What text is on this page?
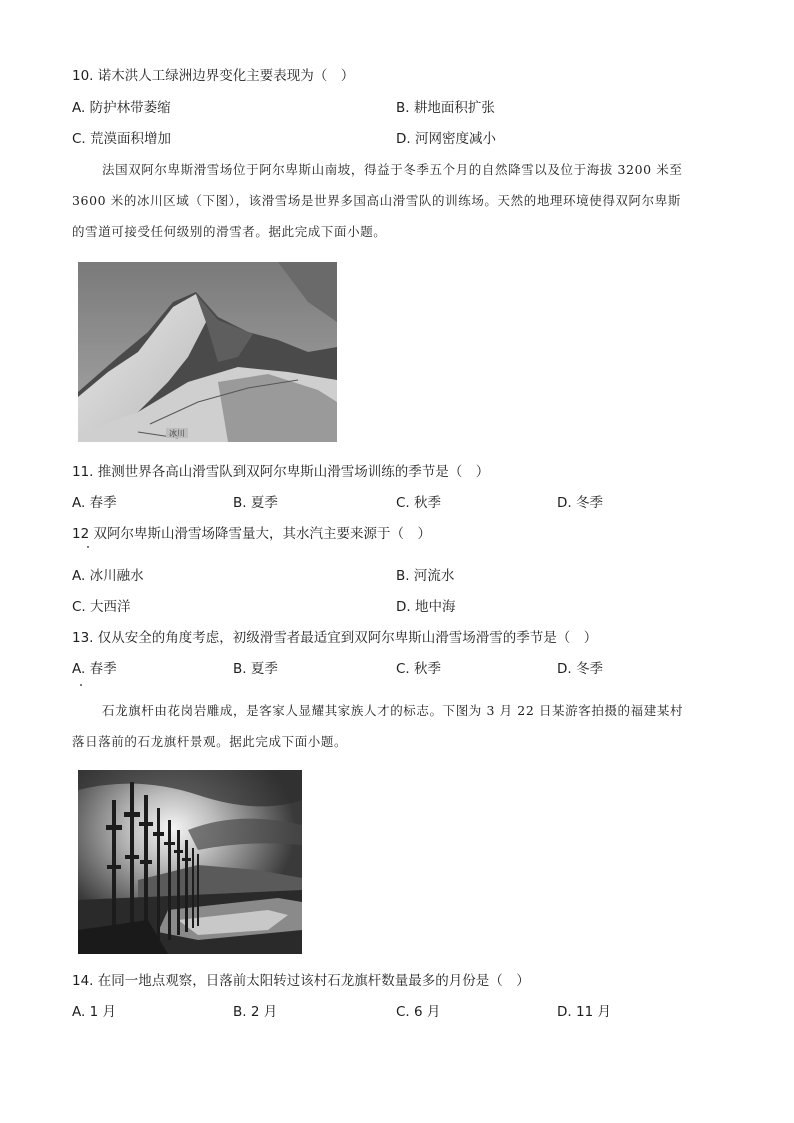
10. 诺木洪人工绿洲边界变化主要表现为（　）
A. 防护林带萎缩	B. 耕地面积扩张
C. 荒漠面积增加	D. 河网密度减小
法国双阿尔卑斯滑雪场位于阿尔卑斯山南坡，得益于冬季五个月的自然降雪以及位于海拔 3200 米至
3600 米的冰川区域（下图），该滑雪场是世界多国高山滑雪队的训练场。天然的地理环境使得双阿尔卑斯
的雪道可接受任何级别的滑雪者。据此完成下面小题。
冰川
11. 推测世界各高山滑雪队到双阿尔卑斯山滑雪场训练的季节是（　）
A. 春季	B. 夏季	C. 秋季	D. 冬季
12 双阿尔卑斯山滑雪场降雪量大，其水汽主要来源于（　）
A. 冰川融水	B. 河流水
C. 大西洋	D. 地中海
13. 仅从安全的角度考虑，初级滑雪者最适宜到双阿尔卑斯山滑雪场滑雪的季节是（　）
A. 春季	B. 夏季	C. 秋季	D. 冬季
石龙旗杆由花岗岩雕成，是客家人显耀其家族人才的标志。下图为 3 月 22 日某游客拍摄的福建某村
落日落前的石龙旗杆景观。据此完成下面小题。
14. 在同一地点观察，日落前太阳转过该村石龙旗杆数量最多的月份是（　）
A. 1 月	B. 2 月	C. 6 月	D. 11 月
